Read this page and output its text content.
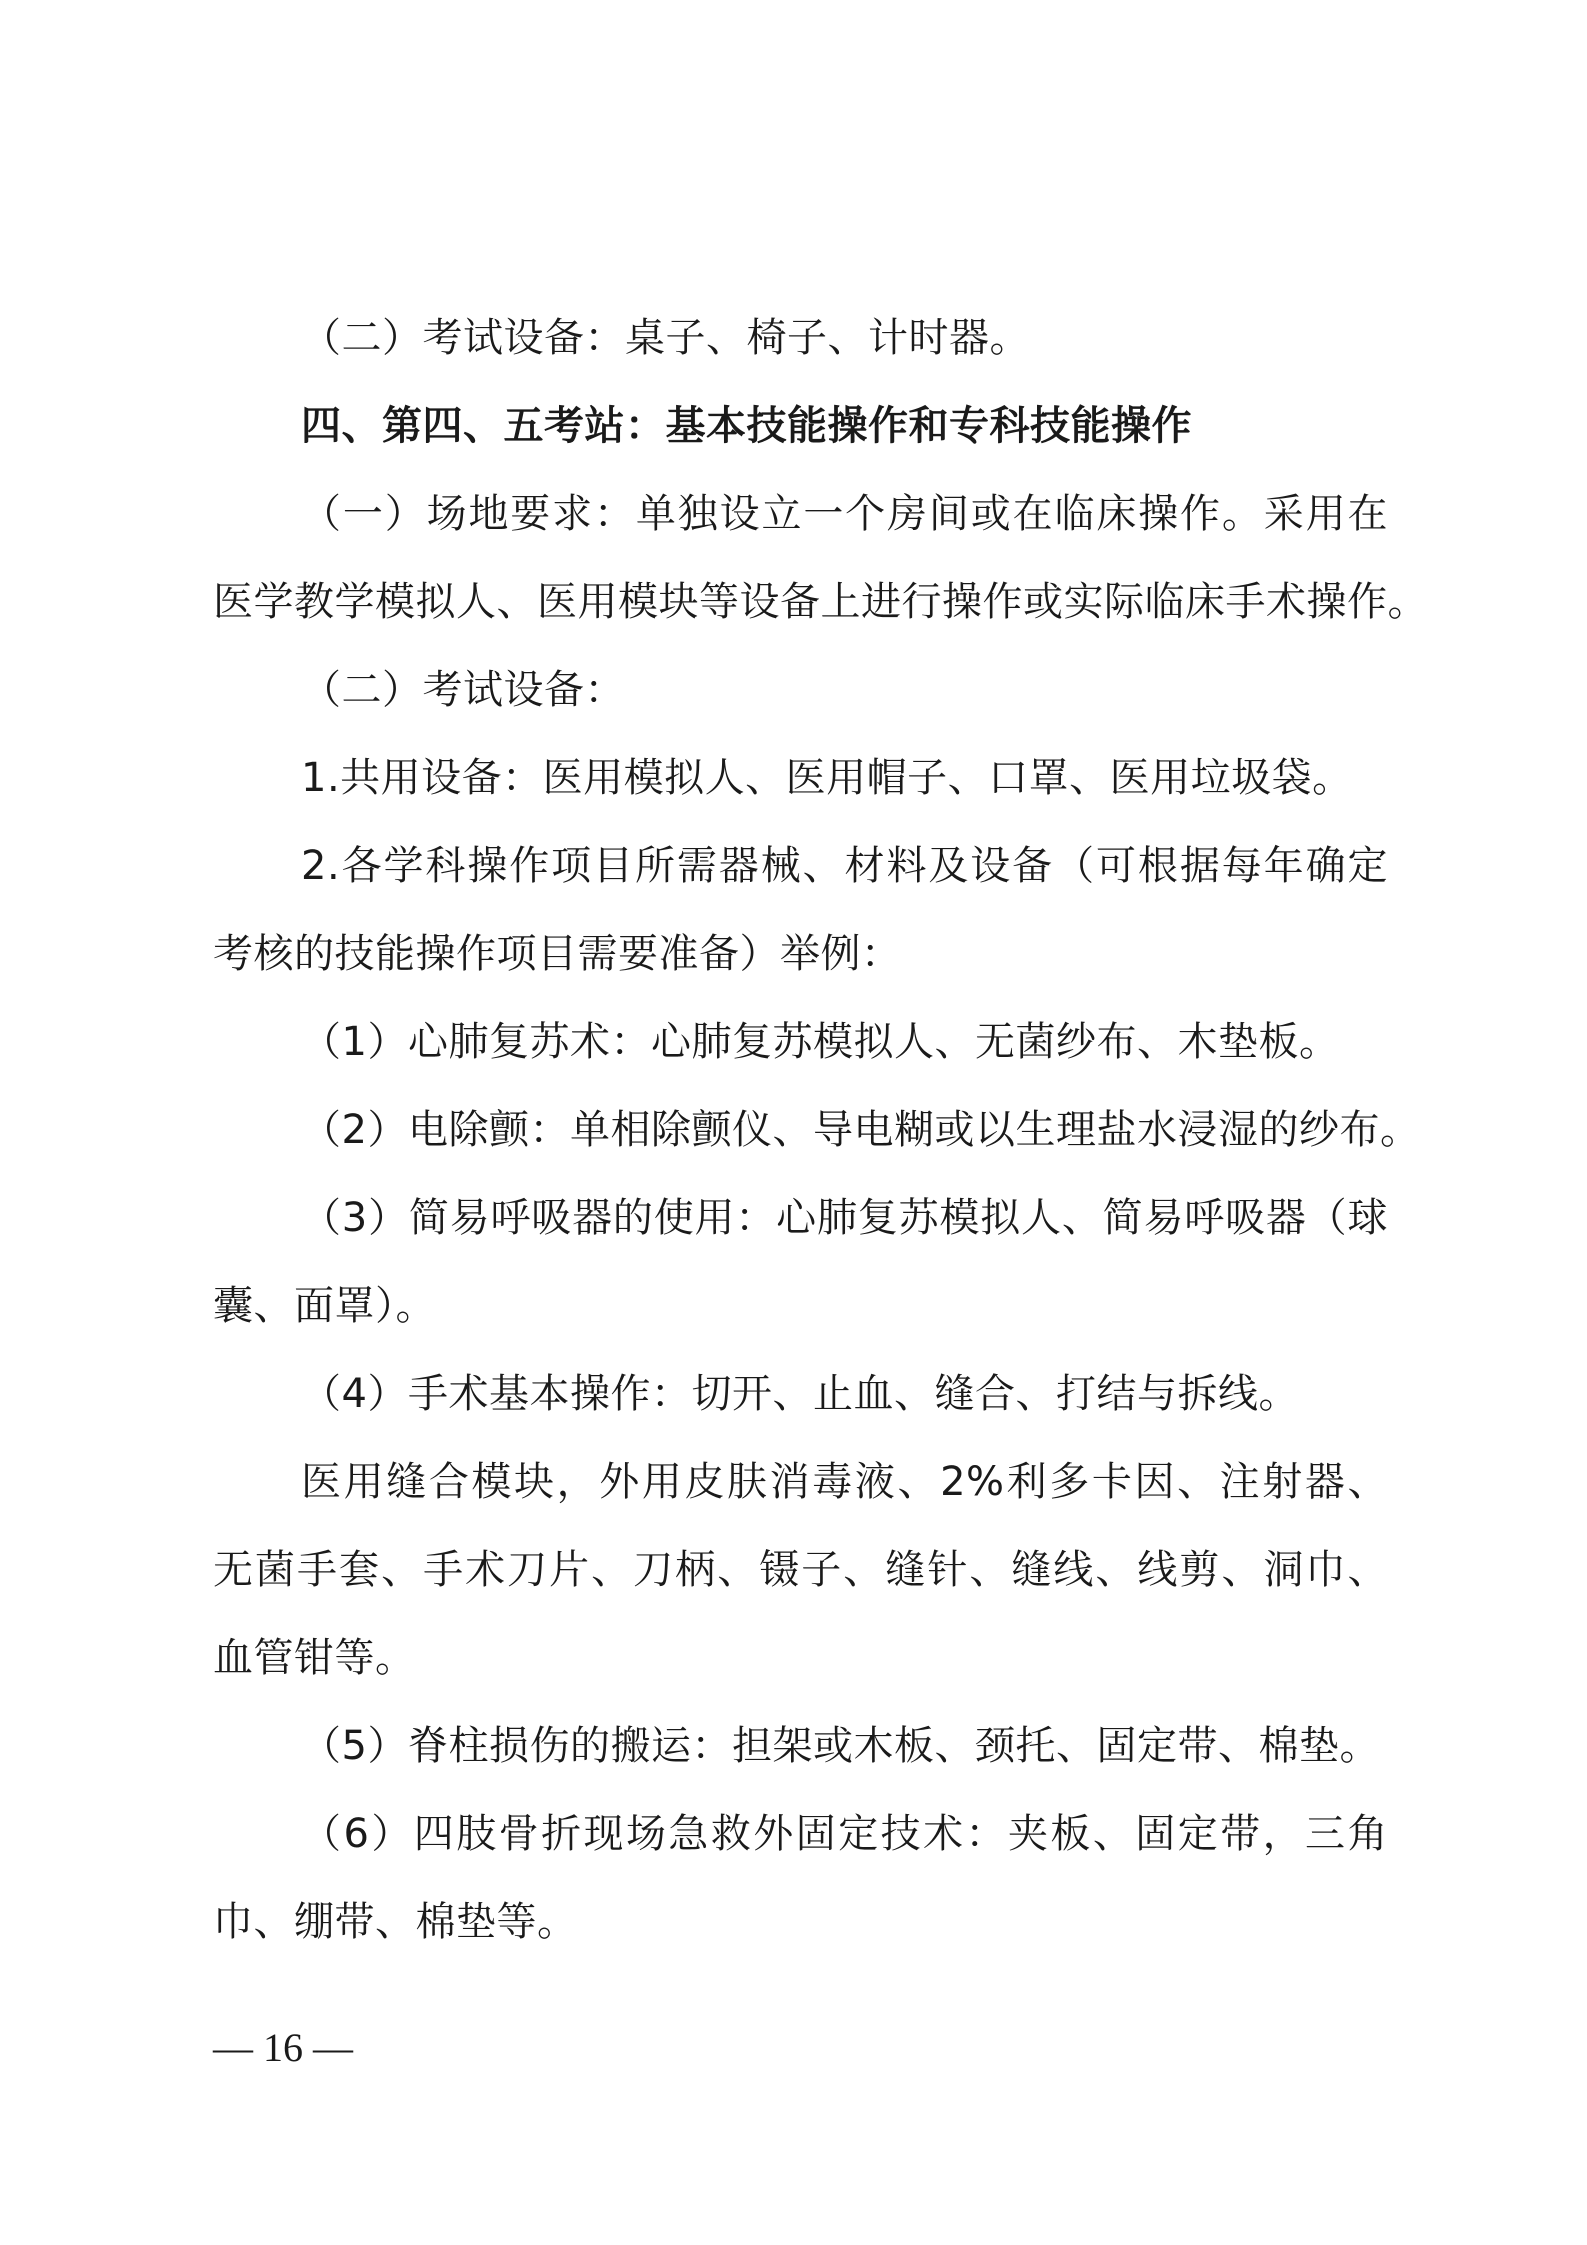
（二）考试设备：桌子、椅子、计时器。
四、第四、五考站：基本技能操作和专科技能操作
（一）场地要求：单独设立一个房间或在临床操作。采用在
医学教学模拟人、医用模块等设备上进行操作或实际临床手术操作。
（二）考试设备：
1.共用设备：医用模拟人、医用帽子、口罩、医用垃圾袋。
2.各学科操作项目所需器械、材料及设备（可根据每年确定
考核的技能操作项目需要准备）举例：
（1）心肺复苏术：心肺复苏模拟人、无菌纱布、木垫板。
（2）电除颤：单相除颤仪、导电糊或以生理盐水浸湿的纱布。
（3）简易呼吸器的使用：心肺复苏模拟人、简易呼吸器（球
囊、面罩）。
（4）手术基本操作：切开、止血、缝合、打结与拆线。
医用缝合模块，外用皮肤消毒液、2%利多卡因、注射器、
无菌手套、手术刀片、刀柄、镊子、缝针、缝线、线剪、洞巾、
血管钳等。
（5）脊柱损伤的搬运：担架或木板、颈托、固定带、棉垫。
（6）四肢骨折现场急救外固定技术：夹板、固定带，三角
巾、绷带、棉垫等。
— 16 —
